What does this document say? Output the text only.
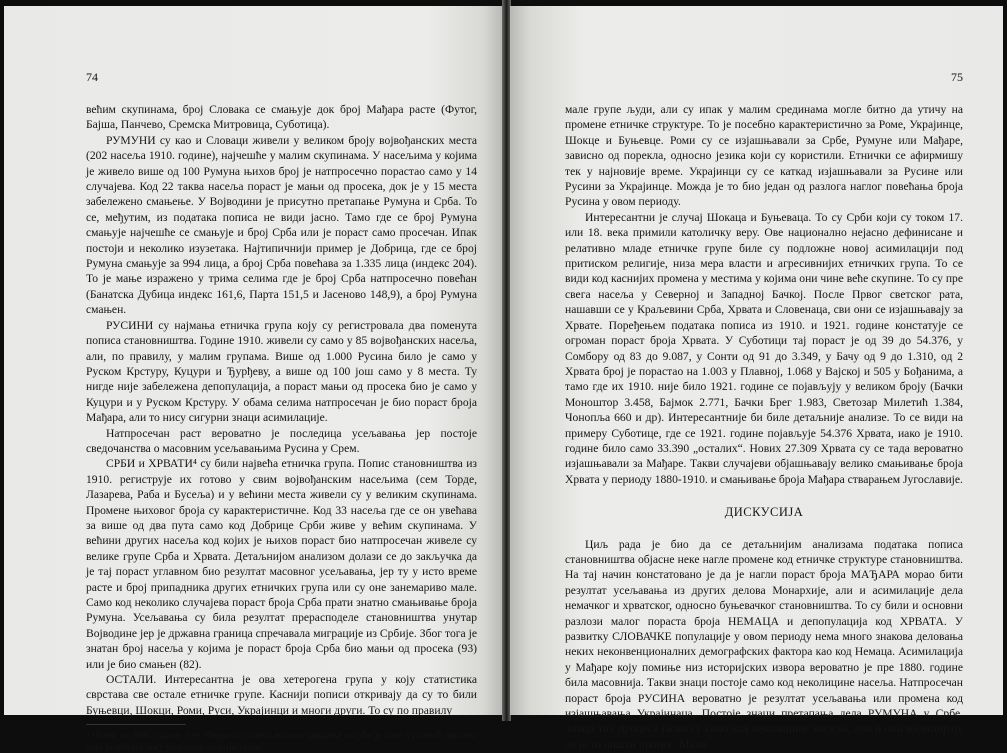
74

већим скупинама, број Словака се смањује док број Мађара расте (Футог, Бајша, Панчево, Сремска Митровица, Суботица).

РУМУНИ су као и Словаци живели у великом броју војвођанских места (202 насеља 1910. године), најчешће у малим скупинама. У насељима у којима је живело више од 100 Румуна њихов број је натпросечно порастао само у 14 случајева. Код 22 таква насеља пораст је мањи од просека, док је у 15 места забележено смањење. У Војводини је присутно претапање Румуна и Срба. То се, међутим, из података пописа не види јасно. Тамо где се број Румуна смањује најчешће се смањује и број Срба или је пораст само просечан. Ипак постоји и неколико изузетака. Најтипичнији пример је Добрица, где се број Румуна смањује за 994 лица, а број Срба повећава за 1.335 лица (индекс 204). То је мање изражено у трима селима где је број Срба натпросечно повећан (Банатска Дубица индекс 161,6, Парта 151,5 и Јасеново 148,9), а број Румуна смањен.

РУСИНИ су најмања етничка група коју су регистровала два поменута пописа становништва. Године 1910. живели су само у 85 војвођанских насеља, али, по правилу, у малим групама. Више од 1.000 Русина било је само у Руском Крстуру, Куцури и Ђурђеву, а више од 100 још само у 8 места. Ту нигде није забележена депопулација, а пораст мањи од просека био је само у Куцури и у Руском Крстуру. У обама селима натпросечан је био пораст броја Мађара, али то нису сигурни знаци асимилације.

Натпросечан раст вероватно је последица усељавања јер постоје сведочанства о масовним усељавањима Русина у Срем.

СРБИ и ХРВАТИ⁴ су били највећа етничка група. Попис становништва из 1910. региструје их готово у свим војвођанским насељима (сем Торде, Лазарева, Раба и Бусеља) и у већини места живели су у великим скупинама. Промене њиховог броја су карактеристичне. Код 33 насеља где се он увећава за више од два пута само код Добрице Срби живе у већим скупинама. У већини других насеља код којих је њихов пораст био натпросечан живеле су велике групе Срба и Хрвата. Детаљнијом анализом долази се до закључка да је тај пораст углавном био резултат масовног усељавања, јер ту у исто време расте и број припадника других етничких група или су оне занемариво мале. Само код неколико случајева пораст броја Срба прати знатно смањивање броја Румуна. Усељавања су била резултат прерасподеле становништва унутар Војводине јер је државна граница спречавала миграције из Србије. Због тога је знатан број насеља у којима је пораст броја Срба био мањи од просека (93) или је био смањен (82).

ОСТАЛИ. Интересантна је ова хетерогена група у коју статистика сврстава све остале етничке групе. Каснији пописи откривају да су то били Буњевци, Шокци, Роми, Руси, Украјинци и многи други. То су по правилу

⁴ Попис из 1880. године даје збирне податке и њихово одвајање могуће је само уз помоћ процена чији резултати нису увек сопроцентно тачни.
75

мале групе људи, али су ипак у малим срединама могле битно да утичу на промене етничке структуре. То је посебно карактеристично за Роме, Украјинце, Шокце и Буњевце. Роми су се изјашњавали за Србе, Румуне или Мађаре, зависно од порекла, односно језика који су користили. Етнички се афирмишу тек у најновије време. Украјинци су се каткад изјашњавали за Русине или Русини за Украјинце. Можда је то био један од разлога наглог повећања броја Русина у овом периоду.

Интересантни је случај Шокаца и Буњеваца. То су Срби који су током 17. или 18. века примили католичку веру. Ове национално нејасно дефинисане и релативно младе етничке групе биле су подложне новој асимилацији под притиском религије, низа мера власти и агресивнијих етничких група. То се види код каснијих промена у местима у којима они чине веће скупине. То су пре свега насеља у Северној и Западној Бачкој. После Првог светског рата, нашавши се у Краљевини Срба, Хрвата и Словенаца, сви они се изјашњавају за Хрвате. Поређењем података пописа из 1910. и 1921. године констатује се огроман пораст броја Хрвата. У Суботици тај пораст је од 39 до 54.376, у Сомбору од 83 до 9.087, у Сонти од 91 до 3.349, у Бачу од 9 до 1.310, од 2 Хрвата број је порастао на 1.003 у Плавној, 1.068 у Вајској и 505 у Бођанима, а тамо где их 1910. није било 1921. године се појављују у великом броју (Бачки Моноштор 3.458, Бајмок 2.771, Бачки Брег 1.983, Светозар Милетић 1.384, Чонопља 660 и др). Интересантније би биле детаљније анализе. То се види на примеру Суботице, где се 1921. године појављује 54.376 Хрвата, иако је 1910. године било само 33.390 „осталих“. Нових 27.309 Хрвата су се тада вероватно изјашњавали за Мађаре. Такви случајеви објашњавају велико смањивање броја Хрвата у периоду 1880-1910. и смањивање броја Мађара стварањем Југославије.

ДИСКУСИЈА

Циљ рада је био да се детаљнијим анализама података пописа становништва објасне неке нагле промене код етничке структуре становништва. На тај начин констатовано је да је нагли пораст броја МАЂАРА морао бити резултат усељавања из других делова Монархије, али и асимилације дела немачког и хрватског, односно буњевачког становништва. То су били и основни разлози малог пораста броја НЕМАЦА и депопулација код ХРВАТА. У развитку СЛОВАЧКЕ популације у овом периоду нема много знакова деловања неких неконвенционалних демографских фактора као код Немаца. Асимилација у Мађаре коју помиње низ историјских извора вероватно је пре 1880. године била масовнија. Такви знаци постоје само код неколицине насеља. Натпросечан пораст броја РУСИНА вероватно је резултат усељавања или промена код изјашњавања Украјинаца. Постоје знаци претапања дела РУМУНА у Србе. Знаци тих процеса јасни су само код неколицине насеља, али и они индицирају да је то општи процес. Мали
